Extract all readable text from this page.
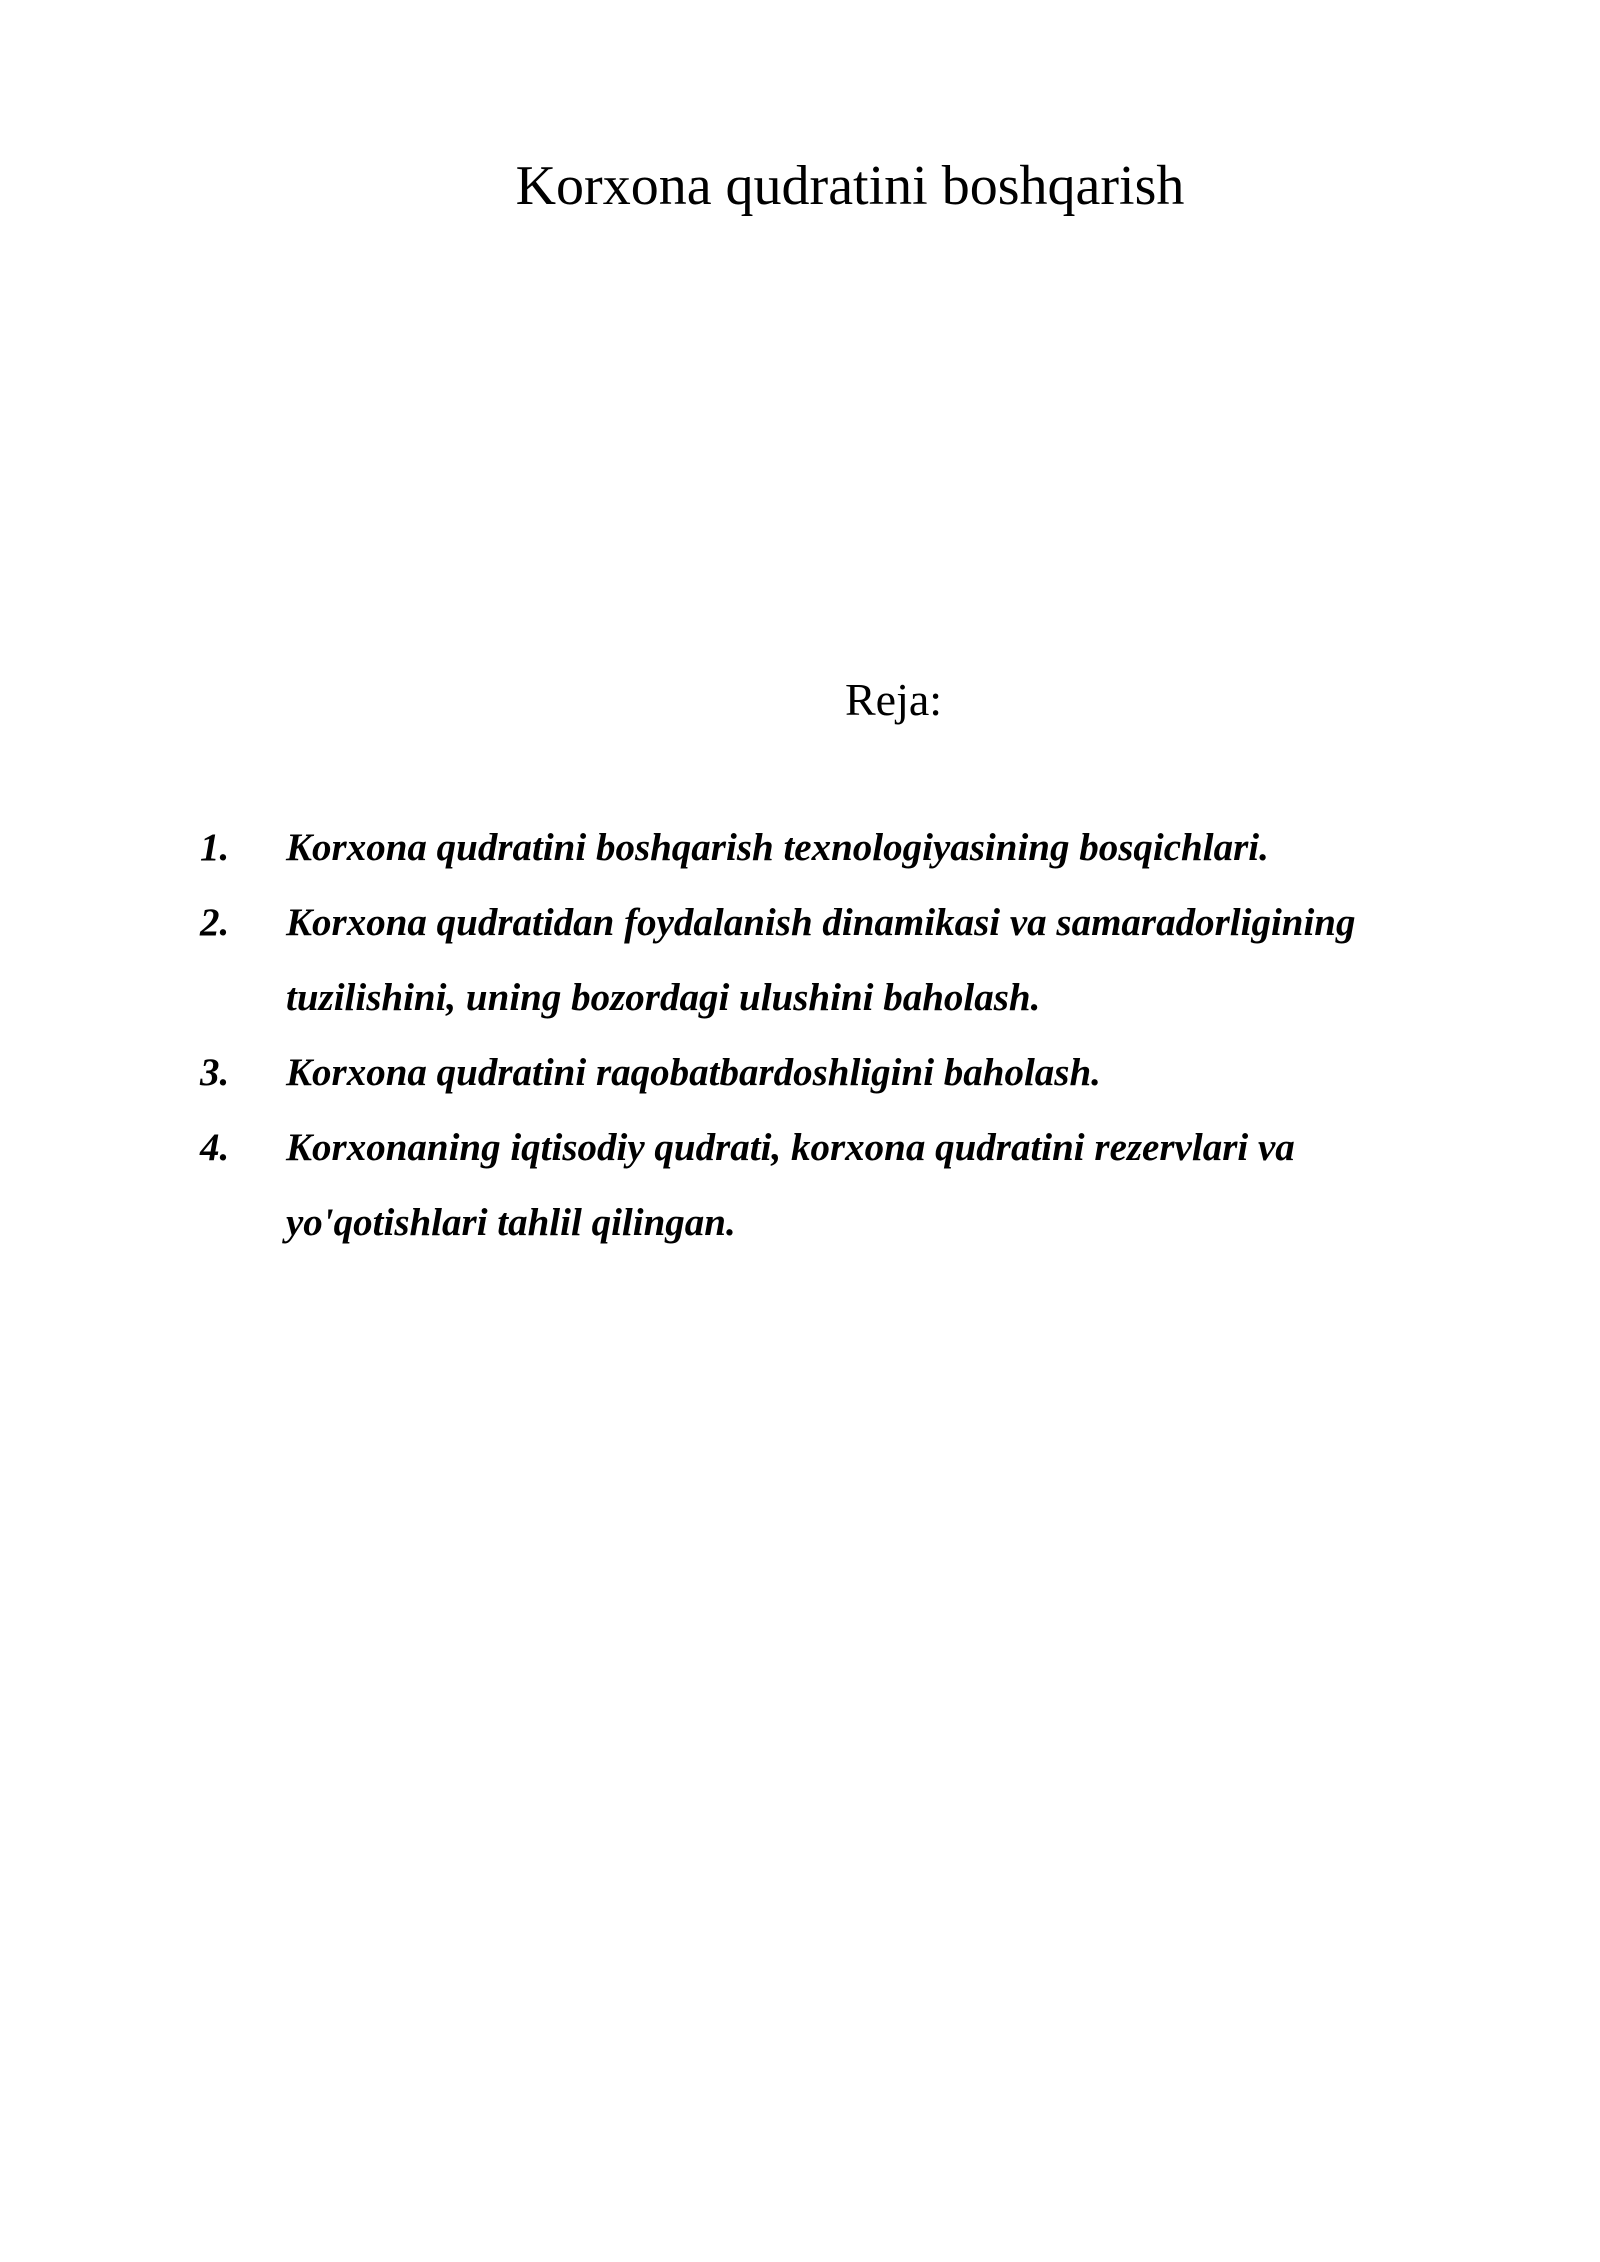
Korxona qudratini boshqarish
Reja:
1.	Korxona qudratini boshqarish texnologiyasining bosqichlari.
2.	Korxona qudratidan foydalanish dinamikasi va samaradorligining tuzilishini, uning bozordagi ulushini baholash.
3.	Korxona qudratini raqobatbardoshligini baholash.
4.	Korxonaning iqtisodiy qudrati, korxona qudratini rezervlari va yo'qotishlari tahlil qilingan.
